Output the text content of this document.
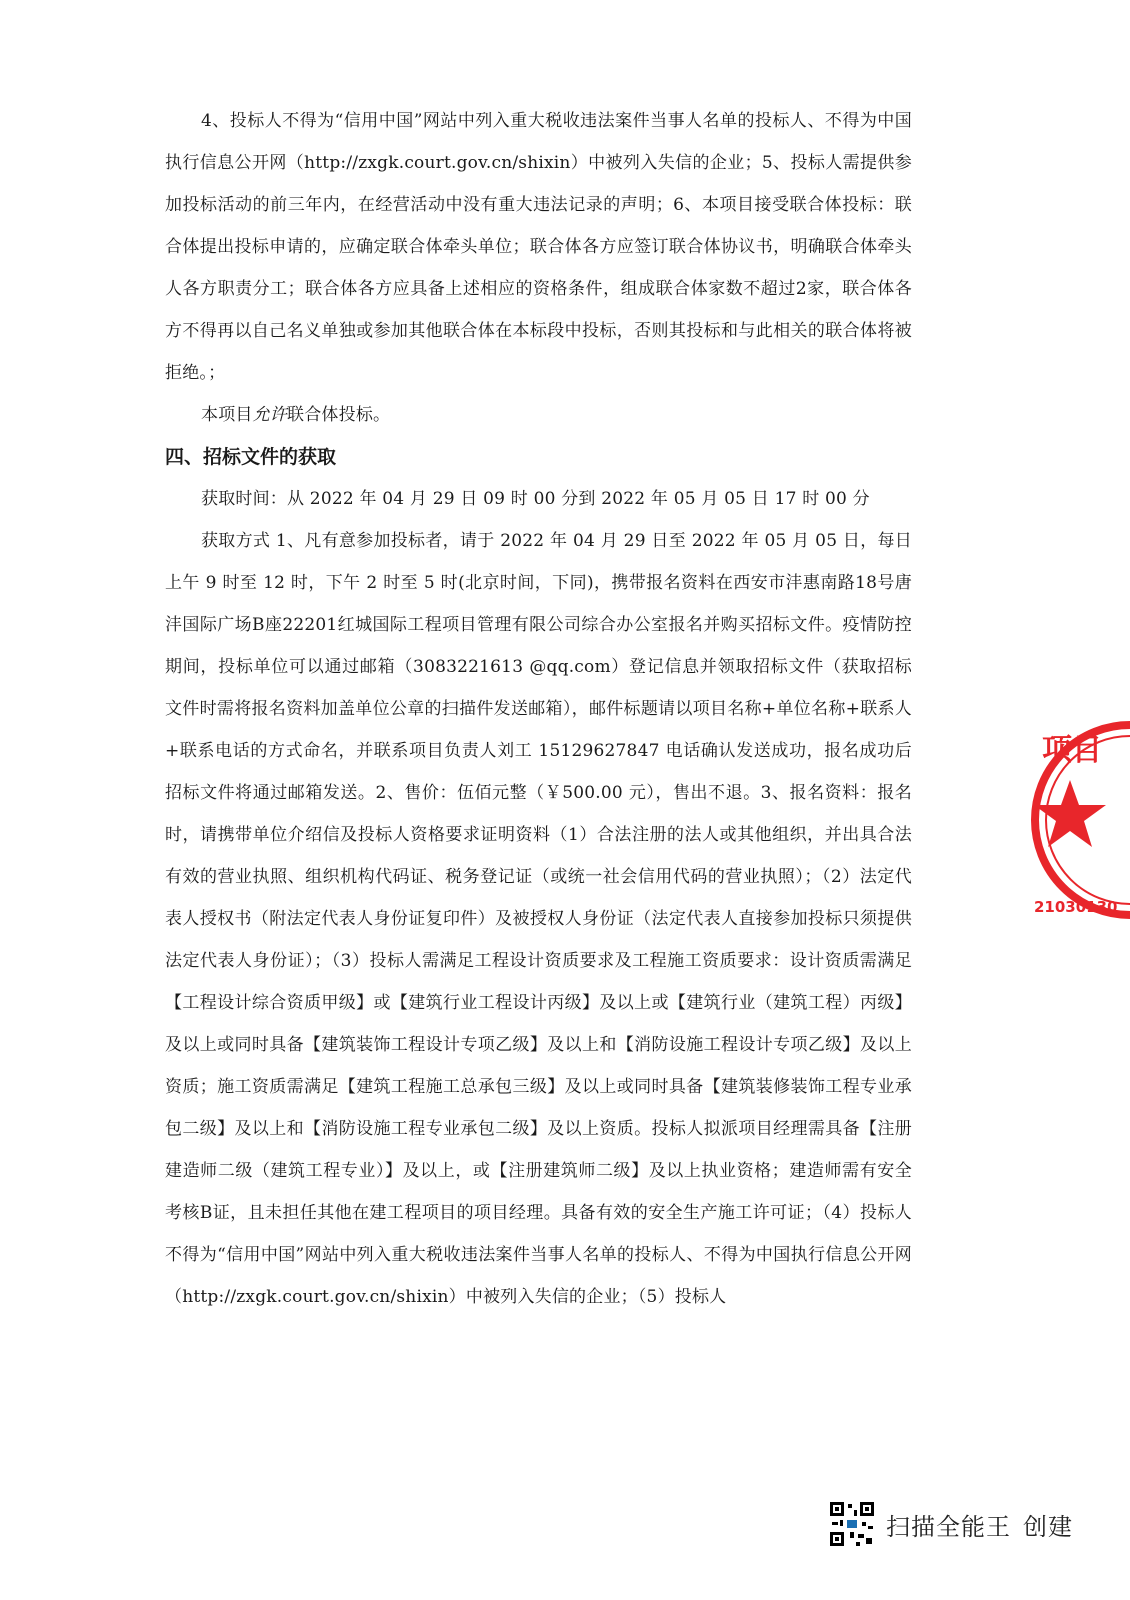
4、投标人不得为“信用中国”网站中列入重大税收违法案件当事人名单的投标人、不得为中国执行信息公开网（http://zxgk.court.gov.cn/shixin）中被列入失信的企业；5、投标人需提供参加投标活动的前三年内，在经营活动中没有重大违法记录的声明；6、本项目接受联合体投标：联合体提出投标申请的，应确定联合体牵头单位；联合体各方应签订联合体协议书，明确联合体牵头人各方职责分工；联合体各方应具备上述相应的资格条件，组成联合体家数不超过2家，联合体各方不得再以自己名义单独或参加其他联合体在本标段中投标，否则其投标和与此相关的联合体将被拒绝。；

本项目允许联合体投标。

四、招标文件的获取

获取时间：从 2022 年 04 月 29 日 09 时 00 分到 2022 年 05 月 05 日 17 时 00 分

获取方式 1、凡有意参加投标者，请于 2022 年 04 月 29 日至 2022 年 05 月 05 日，每日上午 9 时至 12 时，下午 2 时至 5 时(北京时间，下同)，携带报名资料在西安市沣惠南路18号唐沣国际广场B座22201红城国际工程项目管理有限公司综合办公室报名并购买招标文件。疫情防控期间，投标单位可以通过邮箱（3083221613 @qq.com）登记信息并领取招标文件（获取招标文件时需将报名资料加盖单位公章的扫描件发送邮箱），邮件标题请以项目名称+单位名称+联系人+联系电话的方式命名，并联系项目负责人刘工 15129627847 电话确认发送成功，报名成功后招标文件将通过邮箱发送。2、售价：伍佰元整（￥500.00 元），售出不退。3、报名资料：报名时，请携带单位介绍信及投标人资格要求证明资料（1）合法注册的法人或其他组织，并出具合法有效的营业执照、组织机构代码证、税务登记证（或统一社会信用代码的营业执照）；（2）法定代表人授权书（附法定代表人身份证复印件）及被授权人身份证（法定代表人直接参加投标只须提供法定代表人身份证）；（3）投标人需满足工程设计资质要求及工程施工资质要求：设计资质需满足【工程设计综合资质甲级】或【建筑行业工程设计丙级】及以上或【建筑行业（建筑工程）丙级】及以上或同时具备【建筑装饰工程设计专项乙级】及以上和【消防设施工程设计专项乙级】及以上资质；施工资质需满足【建筑工程施工总承包三级】及以上或同时具备【建筑装修装饰工程专业承包二级】及以上和【消防设施工程专业承包二级】及以上资质。投标人拟派项目经理需具备【注册建造师二级（建筑工程专业）】及以上，或【注册建筑师二级】及以上执业资格；建造师需有安全考核B证，且未担任其他在建工程项目的项目经理。具备有效的安全生产施工许可证；（4）投标人不得为“信用中国”网站中列入重大税收违法案件当事人名单的投标人、不得为中国执行信息公开网（http://zxgk.court.gov.cn/shixin）中被列入失信的企业；（5）投标人

项目
21030130
扫描全能王 创建
